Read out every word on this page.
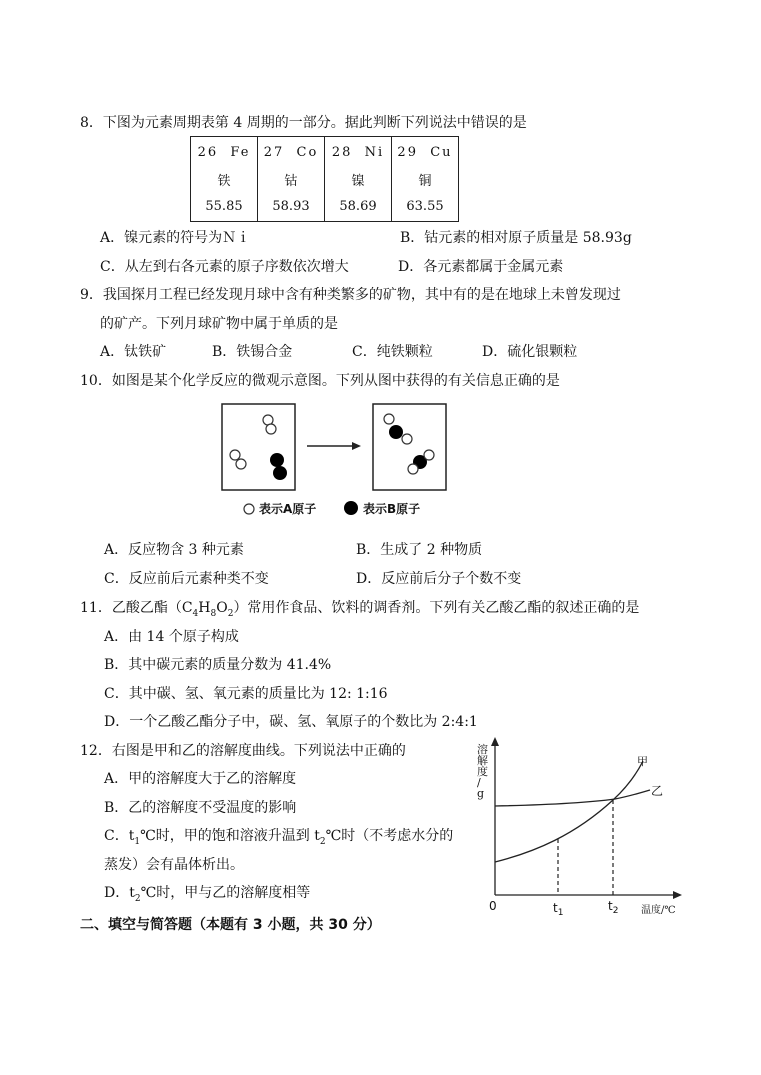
8．下图为元素周期表第 4 周期的一部分。据此判断下列说法中错误的是
26 Fe
铁
55.85

27 Co
钴
58.93

28 Ni
镍
58.69

29 Cu
铜
63.55
A．镍元素的符号为Ｎｉ	B．钴元素的相对原子质量是 58.93g
C．从左到右各元素的原子序数依次增大	D．各元素都属于金属元素
9．我国探月工程已经发现月球中含有种类繁多的矿物，其中有的是在地球上未曾发现过
的矿产。下列月球矿物中属于单质的是
A．钛铁矿	B．铁锡合金	C．纯铁颗粒	D．硫化银颗粒
10．如图是某个化学反应的微观示意图。下列从图中获得的有关信息正确的是
表示A原子	表示B原子
A．反应物含 3 种元素	B．生成了 2 种物质
C．反应前后元素种类不变	D．反应前后分子个数不变
11．乙酸乙酯$(C_4H_8O_2)$常用作食品、饮料的调香剂。下列有关乙酸乙酯的叙述正确的是
A．由 14 个原子构成
B．其中碳元素的质量分数为 41.4%
C．其中碳、氢、氧元素的质量比为 12: 1:16
D．一个乙酸乙酯分子中，碳、氢、氧原子的个数比为 2:4:1
12．右图是甲和乙的溶解度曲线。下列说法中正确的
A．甲的溶解度大于乙的溶解度
B．乙的溶解度不受温度的影响
C．$t_1℃$时，甲的饱和溶液升温到 $t_2℃$时（不考虑水分的
蒸发）会有晶体析出。
D．$t_2℃$时，甲与乙的溶解度相等
溶解度/ g
0	$t_1$	$t_2$ 温度/℃
甲
乙
二、填空与简答题（本题有 3 小题，共 30 分）
